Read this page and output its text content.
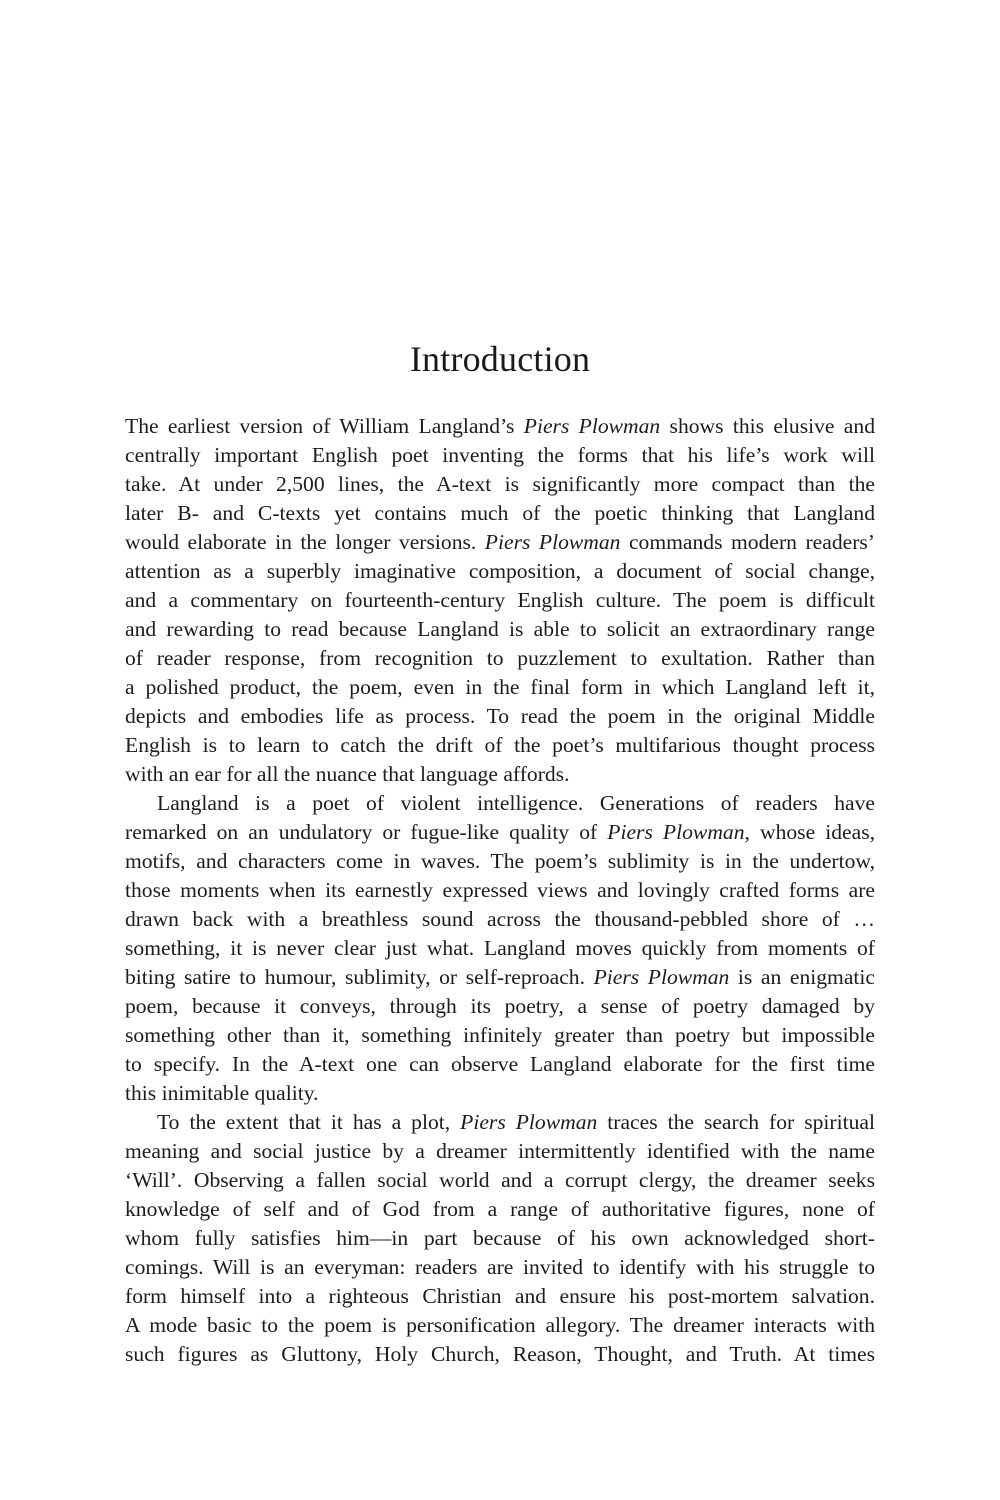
Introduction
The earliest version of William Langland’s Piers Plowman shows this elusive and
centrally important English poet inventing the forms that his life’s work will
take. At under 2,500 lines, the A-text is significantly more compact than the
later B- and C-texts yet contains much of the poetic thinking that Langland
would elaborate in the longer versions. Piers Plowman commands modern readers’
attention as a superbly imaginative composition, a document of social change,
and a commentary on fourteenth-century English culture. The poem is difficult
and rewarding to read because Langland is able to solicit an extraordinary range
of reader response, from recognition to puzzlement to exultation. Rather than
a polished product, the poem, even in the final form in which Langland left it,
depicts and embodies life as process. To read the poem in the original Middle
English is to learn to catch the drift of the poet’s multifarious thought process
with an ear for all the nuance that language affords.
Langland is a poet of violent intelligence. Generations of readers have
remarked on an undulatory or fugue-like quality of Piers Plowman, whose ideas,
motifs, and characters come in waves. The poem’s sublimity is in the undertow,
those moments when its earnestly expressed views and lovingly crafted forms are
drawn back with a breathless sound across the thousand-pebbled shore of …
something, it is never clear just what. Langland moves quickly from moments of
biting satire to humour, sublimity, or self-reproach. Piers Plowman is an enigmatic
poem, because it conveys, through its poetry, a sense of poetry damaged by
something other than it, something infinitely greater than poetry but impossible
to specify. In the A-text one can observe Langland elaborate for the first time
this inimitable quality.
To the extent that it has a plot, Piers Plowman traces the search for spiritual
meaning and social justice by a dreamer intermittently identified with the name
‘Will’. Observing a fallen social world and a corrupt clergy, the dreamer seeks
knowledge of self and of God from a range of authoritative figures, none of
whom fully satisfies him—in part because of his own acknowledged short-
comings. Will is an everyman: readers are invited to identify with his struggle to
form himself into a righteous Christian and ensure his post-mortem salvation.
A mode basic to the poem is personification allegory. The dreamer interacts with
such figures as Gluttony, Holy Church, Reason, Thought, and Truth. At times
